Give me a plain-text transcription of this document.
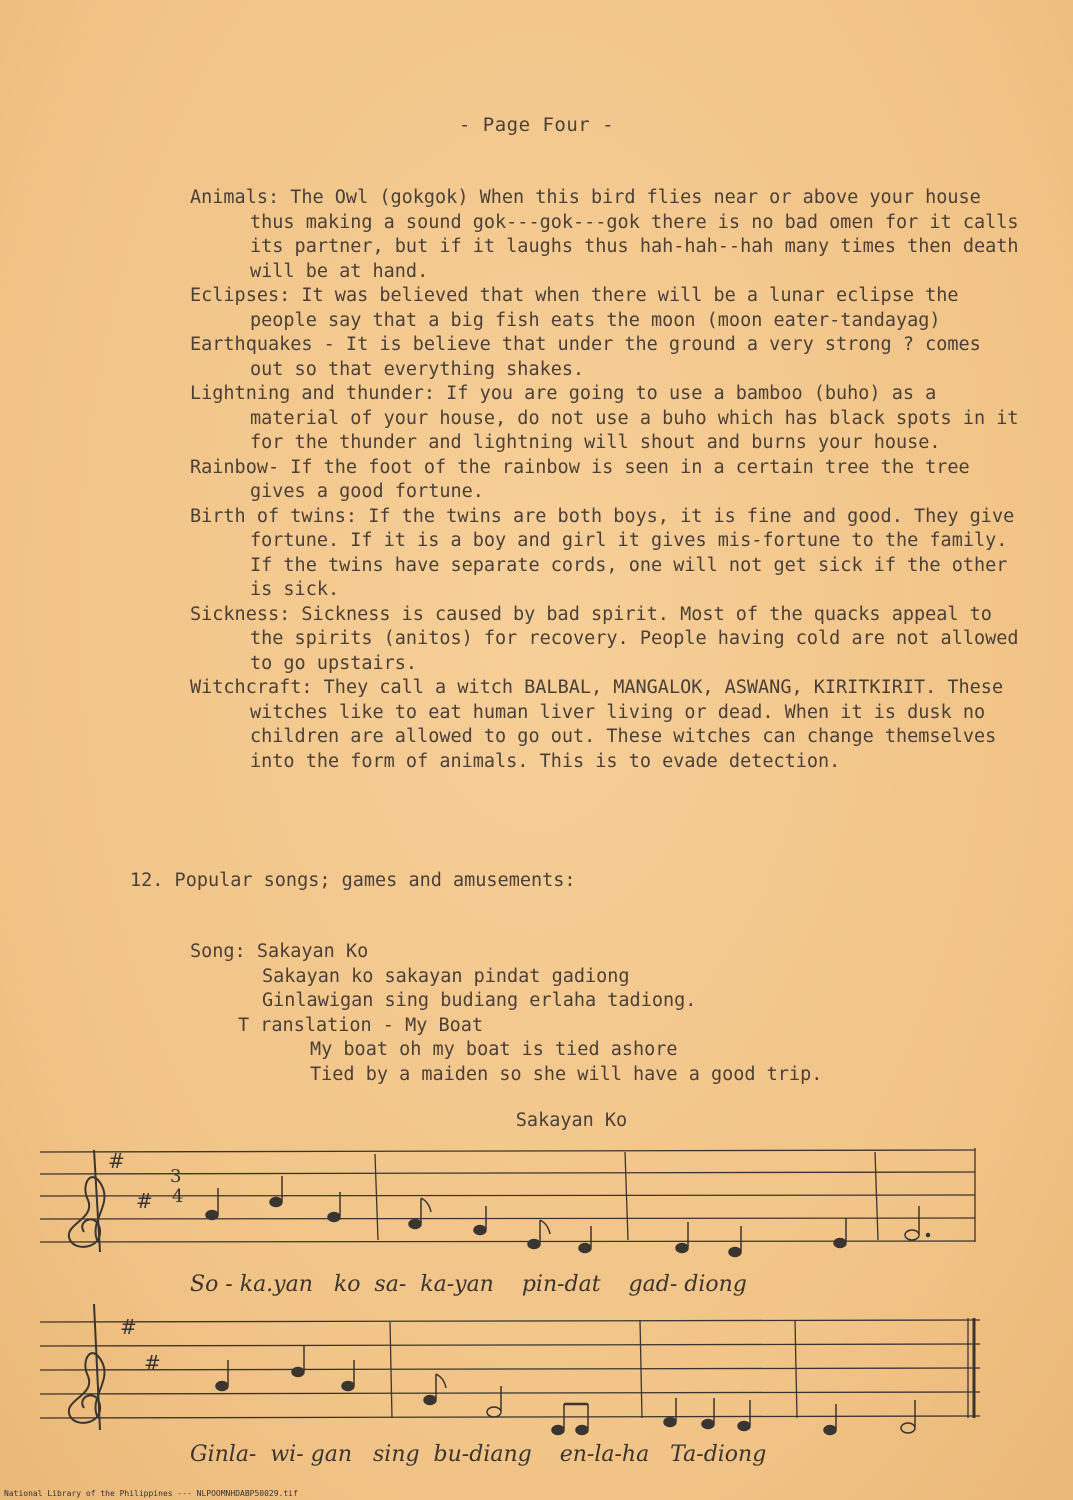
- Page Four -

Animals: The Owl (gokgok) When this bird flies near or above your house thus making a sound gok---gok---gok there is no bad omen for it calls its partner, but if it laughs thus hah-hah--hah many times then death will be at hand.

Eclipses: It was believed that when there will be a lunar eclipse the people say that a big fish eats the moon (moon eater-tandayag)

Earthquakes - It is believe that under the ground a very strong ? comes out so that everything shakes.

Lightning and thunder: If you are going to use a bamboo (buho) as a material of your house, do not use a buho which has black spots in it for the thunder and lightning will shout and burns your house.

Rainbow- If the foot of the rainbow is seen in a certain tree the tree gives a good fortune.

Birth of twins: If the twins are both boys, it is fine and good. They give fortune. If it is a boy and girl it gives mis-fortune to the family. If the twins have separate cords, one will not get sick if the other is sick.

Sickness: Sickness is caused by bad spirit. Most of the quacks appeal to the spirits (anitos) for recovery. People having cold are not allowed to go upstairs.

Witchcraft: They call a witch BALBAL, MANGALOK, ASWANG, KIRITKIRIT. These witches like to eat human liver living or dead. When it is dusk no children are allowed to go out. These witches can change themselves into the form of animals. This is to evade detection.

12. Popular songs; games and amusements:
Song: Sakayan Ko
Sakayan ko sakayan pindat gadiong
Ginlawigan sing budiang erlaha tadiong.
T ranslation - My Boat
My boat oh my boat is tied ashore
Tied by a maiden so she will have a good trip.
Sakayan Ko
#
#
3
4
So - ka.yan   ko  sa-  ka-yan    pin-dat    gad- diong
#
#
Ginla-  wi- gan   sing  bu-diang    en-la-ha   Ta-diong
National Library of the Philippines --- NLPOOMNHDABP50029.tif
